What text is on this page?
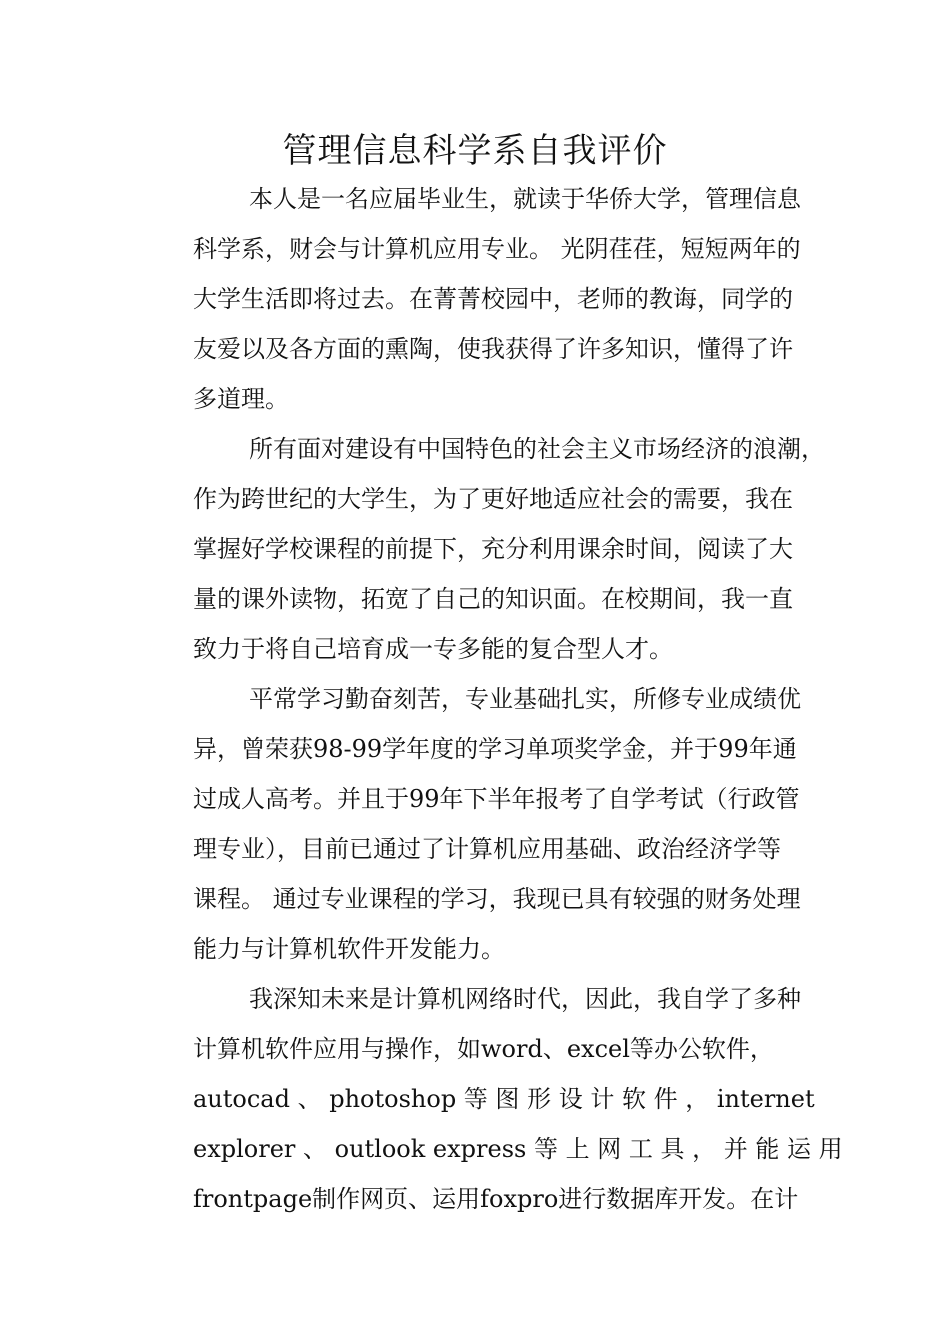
管理信息科学系自我评价
本人是一名应届毕业生，就读于华侨大学，管理信息
科学系，财会与计算机应用专业。 光阴荏荏，短短两年的
大学生活即将过去。在菁菁校园中，老师的教诲，同学的
友爱以及各方面的熏陶，使我获得了许多知识，懂得了许
多道理。
所有面对建设有中国特色的社会主义市场经济的浪潮，
作为跨世纪的大学生，为了更好地适应社会的需要，我在
掌握好学校课程的前提下，充分利用课余时间，阅读了大
量的课外读物，拓宽了自己的知识面。在校期间，我一直
致力于将自己培育成一专多能的复合型人才。
平常学习勤奋刻苦，专业基础扎实，所修专业成绩优
异，曾荣获98-99学年度的学习单项奖学金，并于99年通
过成人高考。并且于99年下半年报考了自学考试（行政管
理专业），目前已通过了计算机应用基础、政治经济学等
课程。 通过专业课程的学习，我现已具有较强的财务处理
能力与计算机软件开发能力。
我深知未来是计算机网络时代，因此，我自学了多种
计算机软件应用与操作，如word、excel等办公软件，
autocad 、 photoshop 等 图 形 设 计 软 件 ， internet
explorer 、 outlook express 等 上 网 工 具 ， 并 能 运 用
frontpage制作网页、运用foxpro进行数据库开发。在计
